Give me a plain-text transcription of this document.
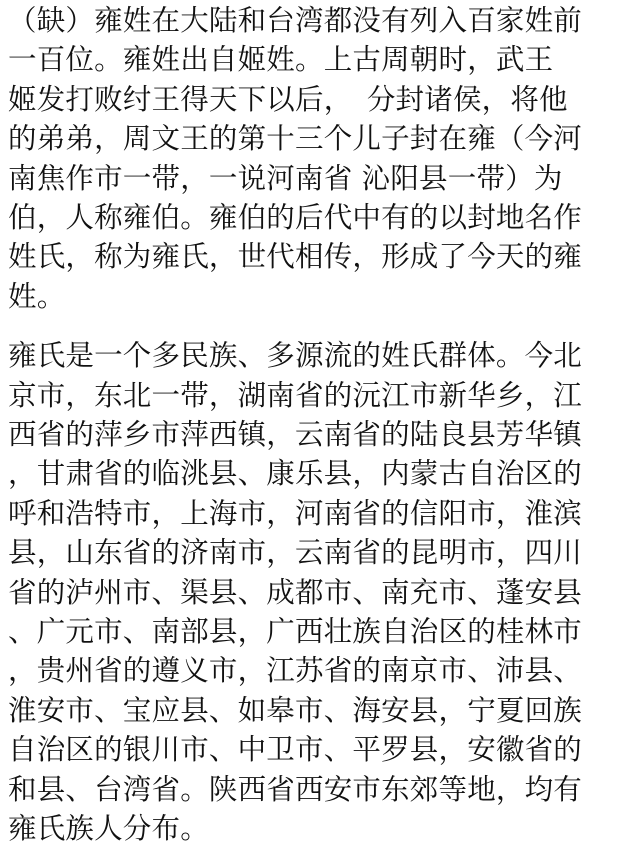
（缺）雍姓在大陆和台湾都没有列入百家姓前
一百位。雍姓出自姬姓。上古周朝时，武王
姬发打败纣王得天下以后，　分封诸侯，将他
的弟弟，周文王的第十三个儿子封在雍（今河
南焦作市一带，一说河南省 沁阳县一带）为
伯，人称雍伯。雍伯的后代中有的以封地名作
姓氏，称为雍氏，世代相传，形成了今天的雍
姓。
雍氏是一个多民族、多源流的姓氏群体。今北
京市，东北一带，湖南省的沅江市新华乡，江
西省的萍乡市萍西镇，云南省的陆良县芳华镇
，甘肃省的临洮县、康乐县，内蒙古自治区的
呼和浩特市，上海市，河南省的信阳市，淮滨
县，山东省的济南市，云南省的昆明市，四川
省的泸州市、渠县、成都市、南充市、蓬安县
、广元市、南部县，广西壮族自治区的桂林市
，贵州省的遵义市，江苏省的南京市、沛县、
淮安市、宝应县、如皋市、海安县，宁夏回族
自治区的银川市、中卫市、平罗县，安徽省的
和县、台湾省。陕西省西安市东郊等地，均有
雍氏族人分布。
